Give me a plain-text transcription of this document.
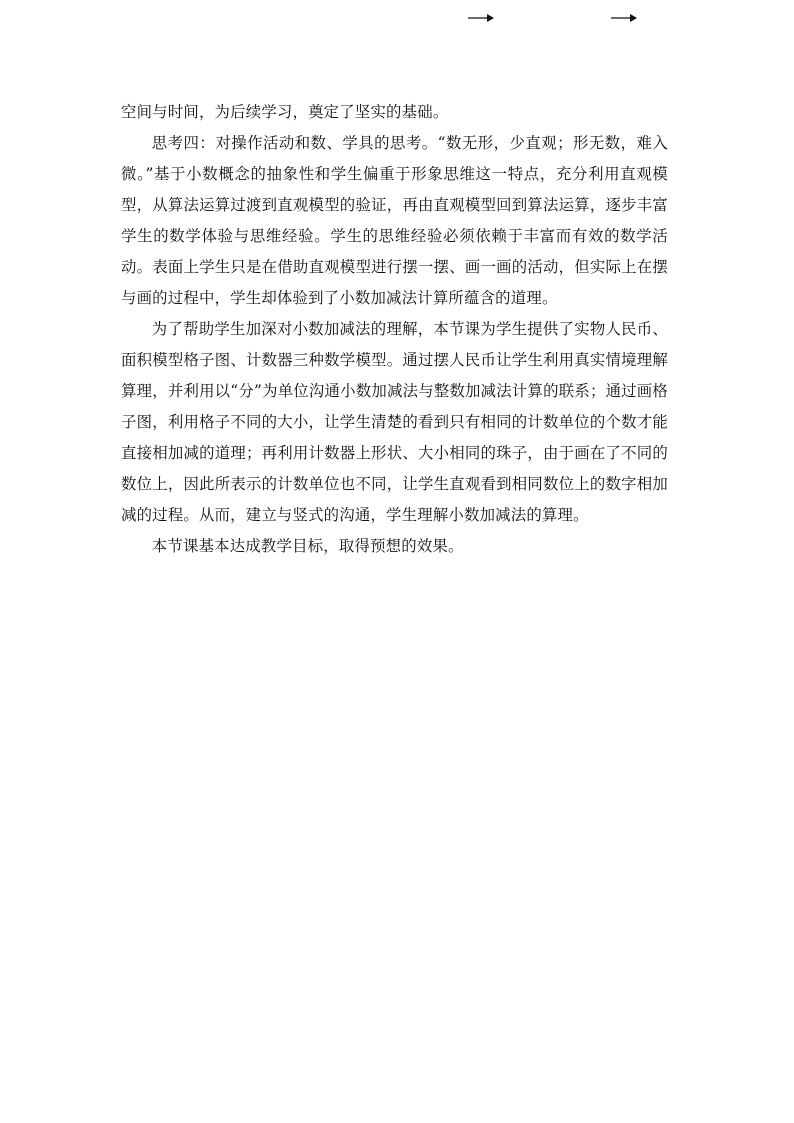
空间与时间，为后续学习，奠定了坚实的基础。

思考四：对操作活动和数、学具的思考。“数无形，少直观；形无数，难入微。”基于小数概念的抽象性和学生偏重于形象思维这一特点，充分利用直观模型，从算法运算过渡到直观模型的验证，再由直观模型回到算法运算，逐步丰富学生的数学体验与思维经验。学生的思维经验必须依赖于丰富而有效的数学活动。表面上学生只是在借助直观模型进行摆一摆、画一画的活动，但实际上在摆与画的过程中，学生却体验到了小数加减法计算所蕴含的道理。

为了帮助学生加深对小数加减法的理解，本节课为学生提供了实物人民币、面积模型格子图、计数器三种数学模型。通过摆人民币让学生利用真实情境理解算理，并利用以“分”为单位沟通小数加减法与整数加减法计算的联系；通过画格子图，利用格子不同的大小，让学生清楚的看到只有相同的计数单位的个数才能直接相加减的道理；再利用计数器上形状、大小相同的珠子，由于画在了不同的数位上，因此所表示的计数单位也不同，让学生直观看到相同数位上的数字相加减的过程。从而，建立与竖式的沟通，学生理解小数加减法的算理。

本节课基本达成教学目标，取得预想的效果。
